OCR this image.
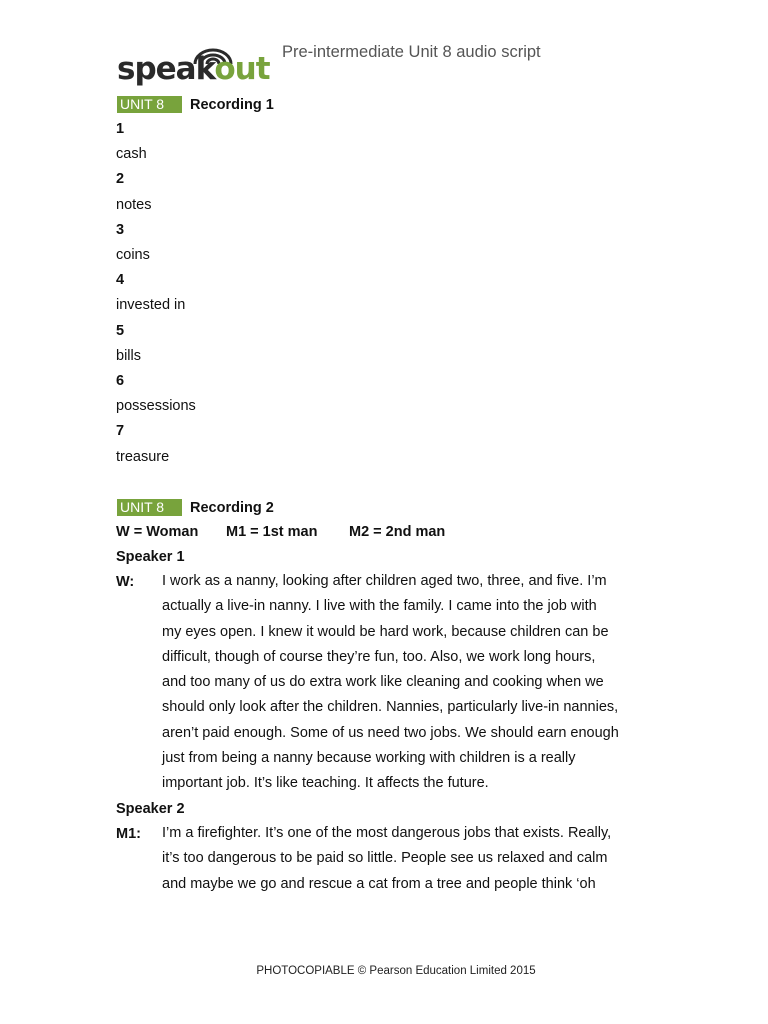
speakout Pre-intermediate Unit 8 audio script
UNIT 8	Recording 1
1
cash
2
notes
3
coins
4
invested in
5
bills
6
possessions
7
treasure
UNIT 8	Recording 2
W = Woman M1 = 1st man M2 = 2nd man
Speaker 1
W: I work as a nanny, looking after children aged two, three, and five. I’m
actually a live-in nanny. I live with the family. I came into the job with
my eyes open. I knew it would be hard work, because children can be
difficult, though of course they’re fun, too. Also, we work long hours,
and too many of us do extra work like cleaning and cooking when we
should only look after the children. Nannies, particularly live-in nannies,
aren’t paid enough. Some of us need two jobs. We should earn enough
just from being a nanny because working with children is a really
important job. It’s like teaching. It affects the future.
Speaker 2
M1: I’m a firefighter. It’s one of the most dangerous jobs that exists. Really,
it’s too dangerous to be paid so little. People see us relaxed and calm
and maybe we go and rescue a cat from a tree and people think ‘oh
PHOTOCOPIABLE © Pearson Education Limited 2015
